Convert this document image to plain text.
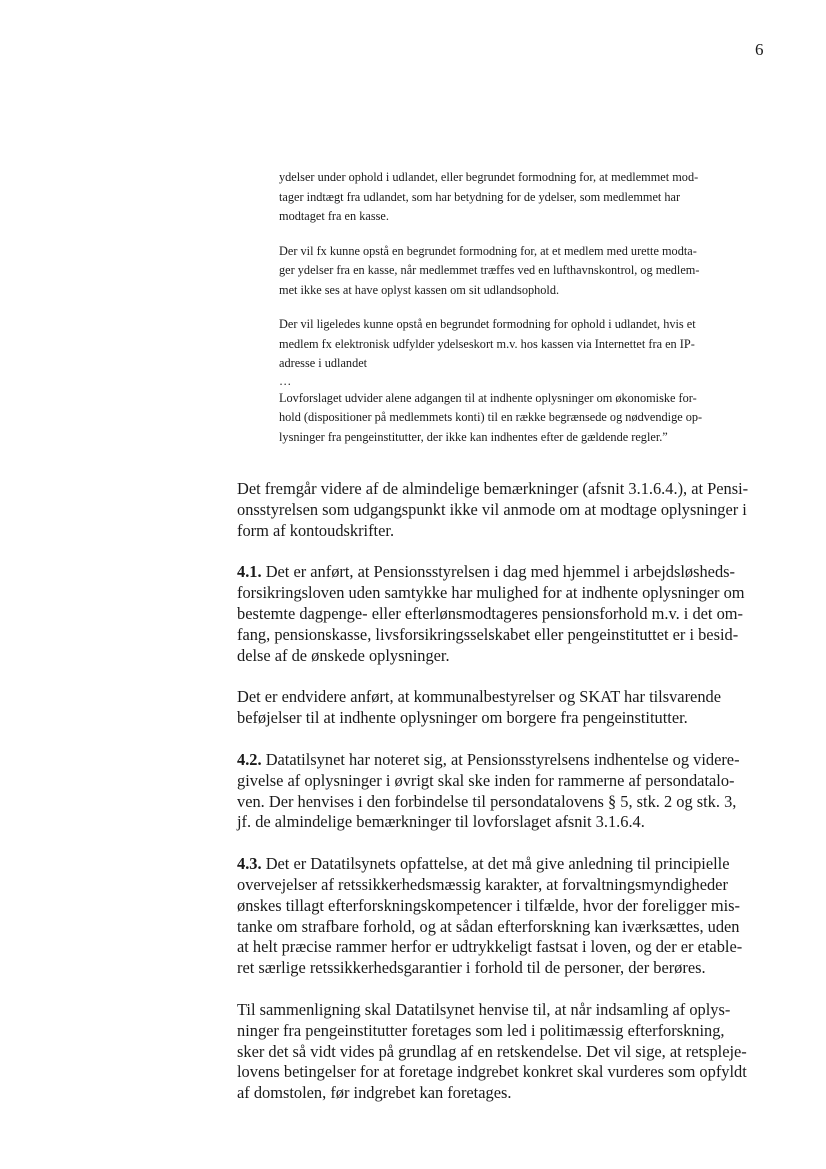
6

ydelser under ophold i udlandet, eller begrundet formodning for, at medlemmet mod-
tager indtægt fra udlandet, som har betydning for de ydelser, som medlemmet har
modtaget fra en kasse.

Der vil fx kunne opstå en begrundet formodning for, at et medlem med urette modta-
ger ydelser fra en kasse, når medlemmet træffes ved en lufthavnskontrol, og medlem-
met ikke ses at have oplyst kassen om sit udlandsophold.

Der vil ligeledes kunne opstå en begrundet formodning for ophold i udlandet, hvis et
medlem fx elektronisk udfylder ydelseskort m.v. hos kassen via Internettet fra en IP-
adresse i udlandet

…

Lovforslaget udvider alene adgangen til at indhente oplysninger om økonomiske for-
hold (dispositioner på medlemmets konti) til en række begrænsede og nødvendige op-
lysninger fra pengeinstitutter, der ikke kan indhentes efter de gældende regler.”

Det fremgår videre af de almindelige bemærkninger (afsnit 3.1.6.4.), at Pensi-
onsstyrelsen som udgangspunkt ikke vil anmode om at modtage oplysninger i
form af kontoudskrifter.

4.1. Det er anført, at Pensionsstyrelsen i dag med hjemmel i arbejdsløsheds-
forsikringsloven uden samtykke har mulighed for at indhente oplysninger om
bestemte dagpenge- eller efterlønsmodtageres pensionsforhold m.v. i det om-
fang, pensionskasse, livsforsikringsselskabet eller pengeinstituttet er i besid-
delse af de ønskede oplysninger.

Det er endvidere anført, at kommunalbestyrelser og SKAT har tilsvarende
beføjelser til at indhente oplysninger om borgere fra pengeinstitutter.

4.2. Datatilsynet har noteret sig, at Pensionsstyrelsens indhentelse og videre-
givelse af oplysninger i øvrigt skal ske inden for rammerne af persondatalo-
ven. Der henvises i den forbindelse til persondatalovens § 5, stk. 2 og stk. 3,
jf. de almindelige bemærkninger til lovforslaget afsnit 3.1.6.4.

4.3. Det er Datatilsynets opfattelse, at det må give anledning til principielle
overvejelser af retssikkerhedsmæssig karakter, at forvaltningsmyndigheder
ønskes tillagt efterforskningskompetencer i tilfælde, hvor der foreligger mis-
tanke om strafbare forhold, og at sådan efterforskning kan iværksættes, uden
at helt præcise rammer herfor er udtrykkeligt fastsat i loven, og der er etable-
ret særlige retssikkerhedsgarantier i forhold til de personer, der berøres.

Til sammenligning skal Datatilsynet henvise til, at når indsamling af oplys-
ninger fra pengeinstitutter foretages som led i politimæssig efterforskning,
sker det så vidt vides på grundlag af en retskendelse. Det vil sige, at retspleje-
lovens betingelser for at foretage indgrebet konkret skal vurderes som opfyldt
af domstolen, før indgrebet kan foretages.
